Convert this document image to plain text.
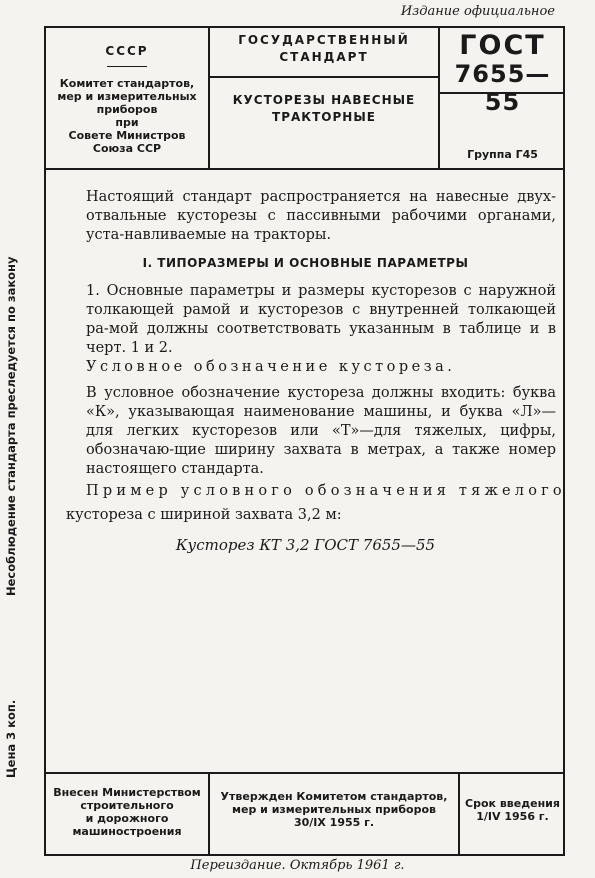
Издание официальное
СССР
Комитет стандартов,
мер и измерительных
приборов
при
Совете Министров
Союза ССР
ГОСУДАРСТВЕННЫЙ
СТАНДАРТ
КУСТОРЕЗЫ НАВЕСНЫЕ
ТРАКТОРНЫЕ
ГОСТ
7655—55
Группа Г45
Настоящий стандарт распространяется на навесные двух-отвальные кусторезы с пассивными рабочими органами, уста-навливаемые на тракторы.
I. ТИПОРАЗМЕРЫ И ОСНОВНЫЕ ПАРАМЕТРЫ
1. Основные параметры и размеры кусторезов с наружной толкающей рамой и кусторезов с внутренней толкающей ра-мой должны соответствовать указанным в таблице и в черт. 1 и 2.
Условное обозначение кустореза.
В условное обозначение кустореза должны входить: буква «К», указывающая наименование машины, и буква «Л»—для легких кусторезов или «Т»—для тяжелых, цифры, обозначаю-щие ширину захвата в метрах, а также номер настоящего стандарта.
Пример условного обозначения тяжелого
кустореза с шириной захвата 3,2 м:
Кусторез КТ 3,2 ГОСТ 7655—55
Несоблюдение стандарта преследуется по закону
Цена 3 коп.
Внесен Министерством
строительного
и дорожного
машиностроения
Утвержден Комитетом стандартов,
мер и измерительных приборов
30/IX 1955 г.
Срок введения
1/IV 1956 г.
Переиздание. Октябрь 1961 г.
